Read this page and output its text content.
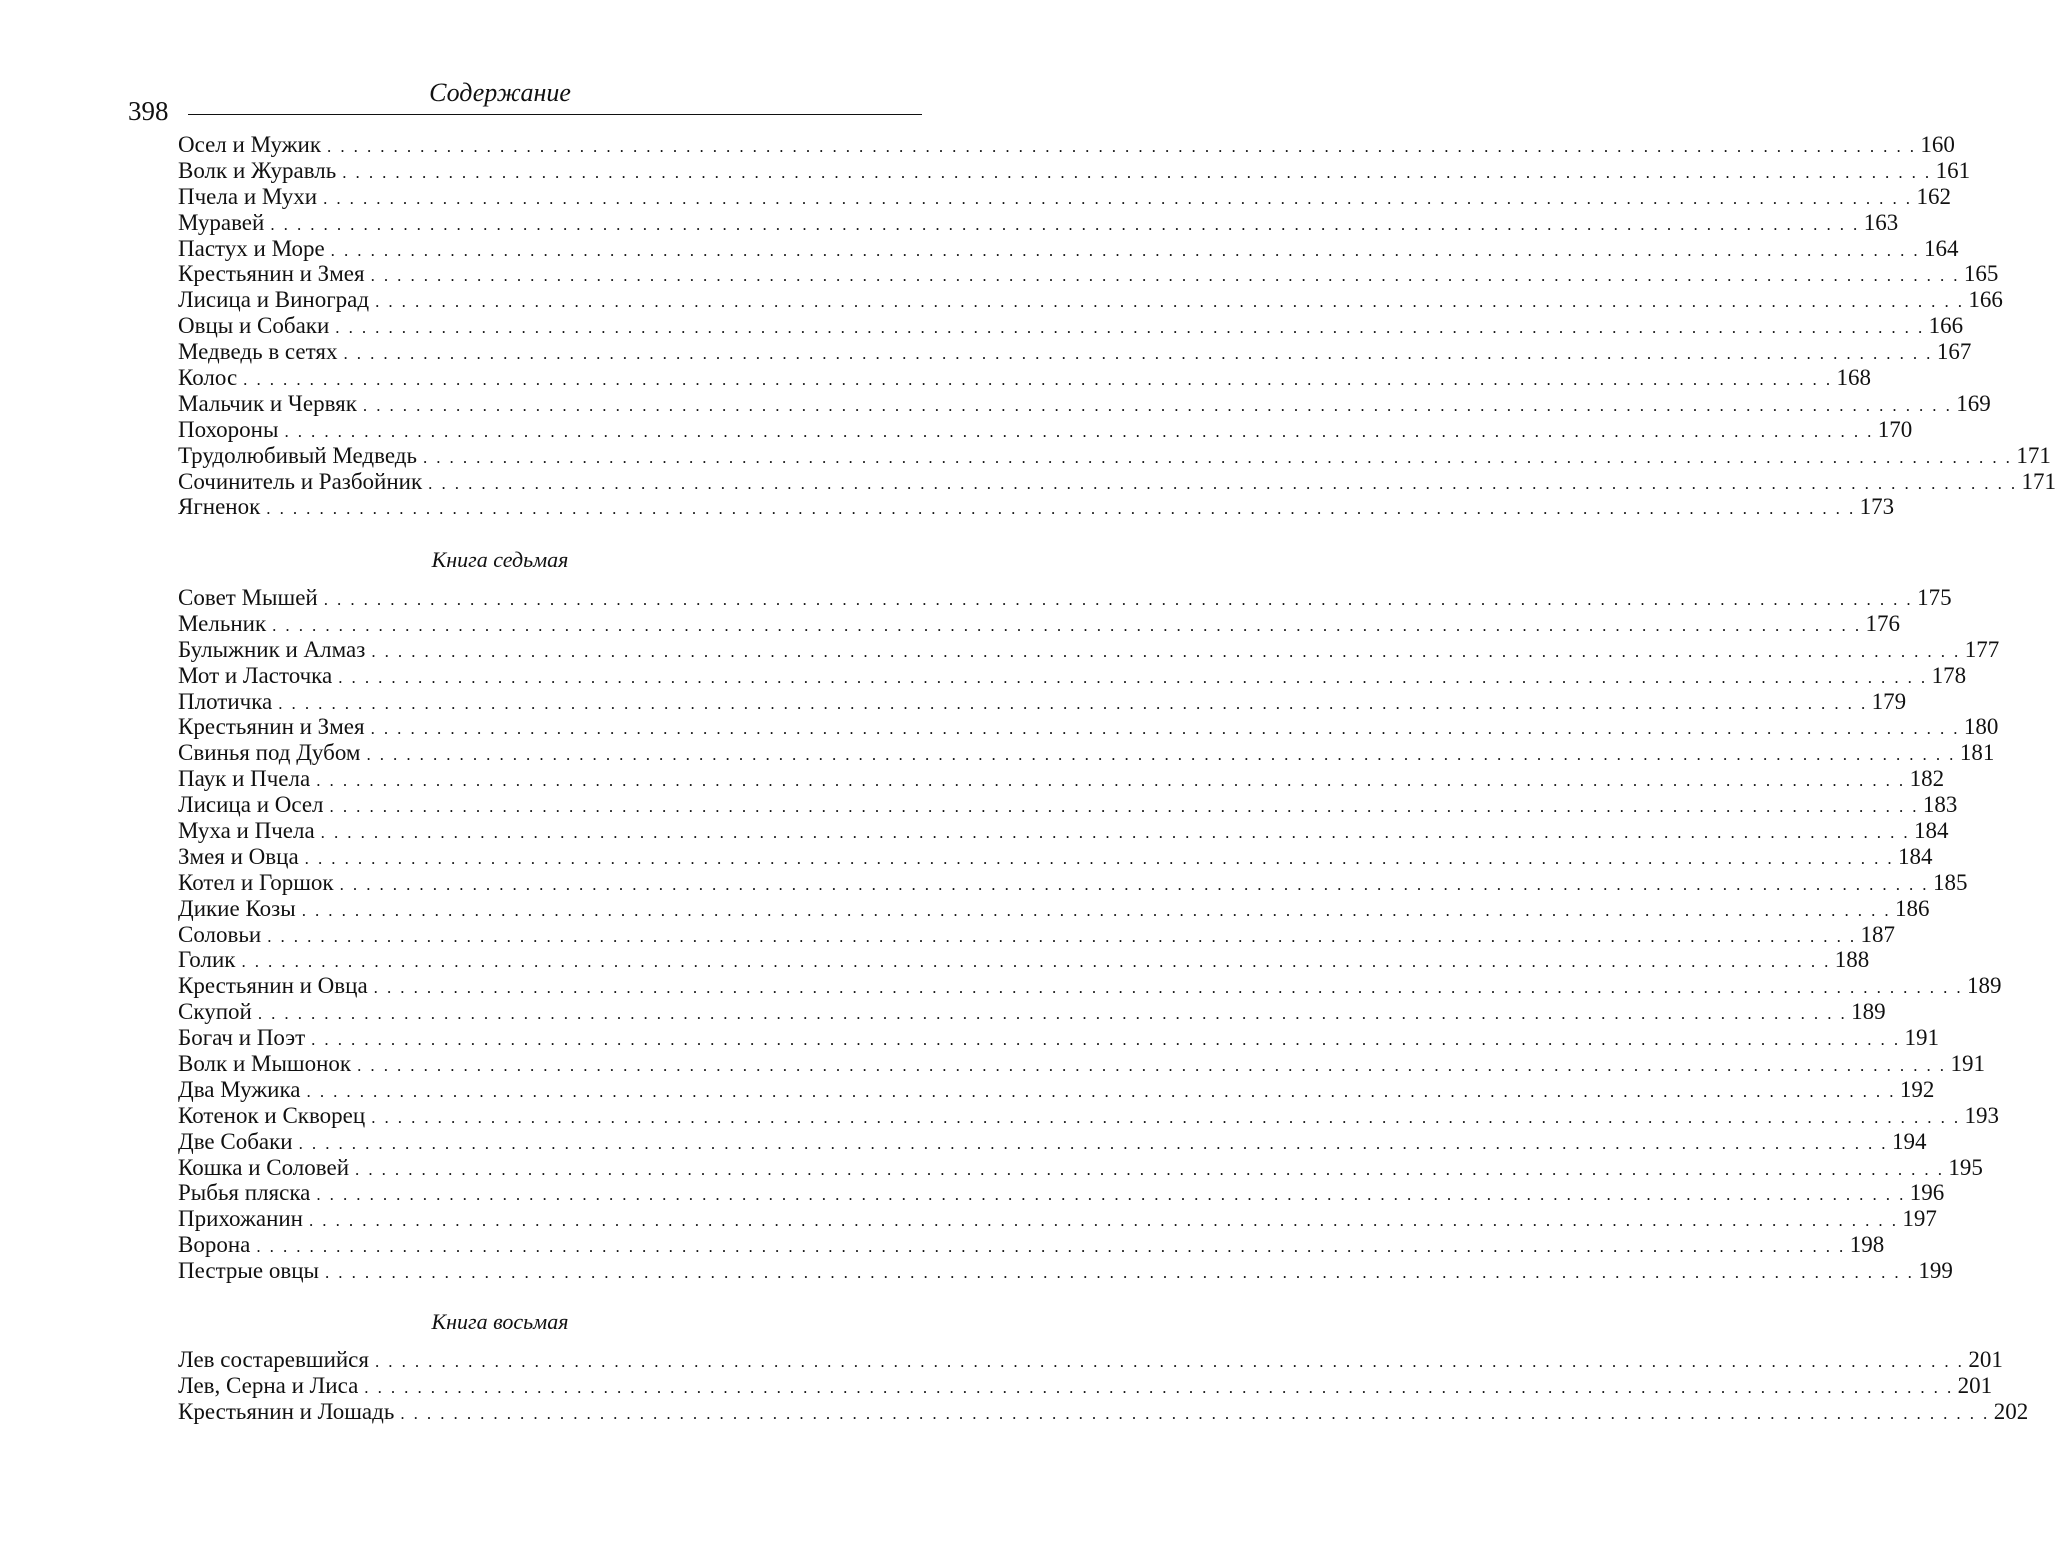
398
Содержание
Осел и Мужик . . . . . . . . . . . . . . . . . . . . . . . . . . . . . . . . . . . . . . . . . . . . . . . . . . . . . . . . . . . . . . . . . . . . . . . . . . . . . . . . . . . . . . . . . . . . . . . . . . . . . . . . . . . . . . . . . . . . . . . . 160
Волк и Журавль . . . . . . . . . . . . . . . . . . . . . . . . . . . . . . . . . . . . . . . . . . . . . . . . . . . . . . . . . . . . . . . . . . . . . . . . . . . . . . . . . . . . . . . . . . . . . . . . . . . . . . . . . . . . . . . . . . . . . . . . 161
Пчела и Мухи . . . . . . . . . . . . . . . . . . . . . . . . . . . . . . . . . . . . . . . . . . . . . . . . . . . . . . . . . . . . . . . . . . . . . . . . . . . . . . . . . . . . . . . . . . . . . . . . . . . . . . . . . . . . . . . . . . . . . . . . 162
Муравей . . . . . . . . . . . . . . . . . . . . . . . . . . . . . . . . . . . . . . . . . . . . . . . . . . . . . . . . . . . . . . . . . . . . . . . . . . . . . . . . . . . . . . . . . . . . . . . . . . . . . . . . . . . . . . . . . . . . . . . . 163
Пастух и Море . . . . . . . . . . . . . . . . . . . . . . . . . . . . . . . . . . . . . . . . . . . . . . . . . . . . . . . . . . . . . . . . . . . . . . . . . . . . . . . . . . . . . . . . . . . . . . . . . . . . . . . . . . . . . . . . . . . . . . . . 164
Крестьянин и Змея . . . . . . . . . . . . . . . . . . . . . . . . . . . . . . . . . . . . . . . . . . . . . . . . . . . . . . . . . . . . . . . . . . . . . . . . . . . . . . . . . . . . . . . . . . . . . . . . . . . . . . . . . . . . . . . . . . . . . . . . 165
Лисица и Виноград . . . . . . . . . . . . . . . . . . . . . . . . . . . . . . . . . . . . . . . . . . . . . . . . . . . . . . . . . . . . . . . . . . . . . . . . . . . . . . . . . . . . . . . . . . . . . . . . . . . . . . . . . . . . . . . . . . . . . . . . 166
Овцы и Собаки . . . . . . . . . . . . . . . . . . . . . . . . . . . . . . . . . . . . . . . . . . . . . . . . . . . . . . . . . . . . . . . . . . . . . . . . . . . . . . . . . . . . . . . . . . . . . . . . . . . . . . . . . . . . . . . . . . . . . . . . 166
Медведь в сетях . . . . . . . . . . . . . . . . . . . . . . . . . . . . . . . . . . . . . . . . . . . . . . . . . . . . . . . . . . . . . . . . . . . . . . . . . . . . . . . . . . . . . . . . . . . . . . . . . . . . . . . . . . . . . . . . . . . . . . . . 167
Колос . . . . . . . . . . . . . . . . . . . . . . . . . . . . . . . . . . . . . . . . . . . . . . . . . . . . . . . . . . . . . . . . . . . . . . . . . . . . . . . . . . . . . . . . . . . . . . . . . . . . . . . . . . . . . . . . . . . . . . . . 168
Мальчик и Червяк . . . . . . . . . . . . . . . . . . . . . . . . . . . . . . . . . . . . . . . . . . . . . . . . . . . . . . . . . . . . . . . . . . . . . . . . . . . . . . . . . . . . . . . . . . . . . . . . . . . . . . . . . . . . . . . . . . . . . . . . 169
Похороны . . . . . . . . . . . . . . . . . . . . . . . . . . . . . . . . . . . . . . . . . . . . . . . . . . . . . . . . . . . . . . . . . . . . . . . . . . . . . . . . . . . . . . . . . . . . . . . . . . . . . . . . . . . . . . . . . . . . . . . . 170
Трудолюбивый Медведь . . . . . . . . . . . . . . . . . . . . . . . . . . . . . . . . . . . . . . . . . . . . . . . . . . . . . . . . . . . . . . . . . . . . . . . . . . . . . . . . . . . . . . . . . . . . . . . . . . . . . . . . . . . . . . . . . . . . . . . . 171
Сочинитель и Разбойник . . . . . . . . . . . . . . . . . . . . . . . . . . . . . . . . . . . . . . . . . . . . . . . . . . . . . . . . . . . . . . . . . . . . . . . . . . . . . . . . . . . . . . . . . . . . . . . . . . . . . . . . . . . . . . . . . . . . . . . . 171
Ягненок . . . . . . . . . . . . . . . . . . . . . . . . . . . . . . . . . . . . . . . . . . . . . . . . . . . . . . . . . . . . . . . . . . . . . . . . . . . . . . . . . . . . . . . . . . . . . . . . . . . . . . . . . . . . . . . . . . . . . . . . 173
Книга седьмая
Совет Мышей . . . . . . . . . . . . . . . . . . . . . . . . . . . . . . . . . . . . . . . . . . . . . . . . . . . . . . . . . . . . . . . . . . . . . . . . . . . . . . . . . . . . . . . . . . . . . . . . . . . . . . . . . . . . . . . . . . . . . . . . 175
Мельник . . . . . . . . . . . . . . . . . . . . . . . . . . . . . . . . . . . . . . . . . . . . . . . . . . . . . . . . . . . . . . . . . . . . . . . . . . . . . . . . . . . . . . . . . . . . . . . . . . . . . . . . . . . . . . . . . . . . . . . . 176
Булыжник и Алмаз . . . . . . . . . . . . . . . . . . . . . . . . . . . . . . . . . . . . . . . . . . . . . . . . . . . . . . . . . . . . . . . . . . . . . . . . . . . . . . . . . . . . . . . . . . . . . . . . . . . . . . . . . . . . . . . . . . . . . . . . 177
Мот и Ласточка . . . . . . . . . . . . . . . . . . . . . . . . . . . . . . . . . . . . . . . . . . . . . . . . . . . . . . . . . . . . . . . . . . . . . . . . . . . . . . . . . . . . . . . . . . . . . . . . . . . . . . . . . . . . . . . . . . . . . . . . 178
Плотичка . . . . . . . . . . . . . . . . . . . . . . . . . . . . . . . . . . . . . . . . . . . . . . . . . . . . . . . . . . . . . . . . . . . . . . . . . . . . . . . . . . . . . . . . . . . . . . . . . . . . . . . . . . . . . . . . . . . . . . . . 179
Крестьянин и Змея . . . . . . . . . . . . . . . . . . . . . . . . . . . . . . . . . . . . . . . . . . . . . . . . . . . . . . . . . . . . . . . . . . . . . . . . . . . . . . . . . . . . . . . . . . . . . . . . . . . . . . . . . . . . . . . . . . . . . . . . 180
Свинья под Дубом . . . . . . . . . . . . . . . . . . . . . . . . . . . . . . . . . . . . . . . . . . . . . . . . . . . . . . . . . . . . . . . . . . . . . . . . . . . . . . . . . . . . . . . . . . . . . . . . . . . . . . . . . . . . . . . . . . . . . . . . 181
Паук и Пчела . . . . . . . . . . . . . . . . . . . . . . . . . . . . . . . . . . . . . . . . . . . . . . . . . . . . . . . . . . . . . . . . . . . . . . . . . . . . . . . . . . . . . . . . . . . . . . . . . . . . . . . . . . . . . . . . . . . . . . . . 182
Лисица и Осел . . . . . . . . . . . . . . . . . . . . . . . . . . . . . . . . . . . . . . . . . . . . . . . . . . . . . . . . . . . . . . . . . . . . . . . . . . . . . . . . . . . . . . . . . . . . . . . . . . . . . . . . . . . . . . . . . . . . . . . . 183
Муха и Пчела . . . . . . . . . . . . . . . . . . . . . . . . . . . . . . . . . . . . . . . . . . . . . . . . . . . . . . . . . . . . . . . . . . . . . . . . . . . . . . . . . . . . . . . . . . . . . . . . . . . . . . . . . . . . . . . . . . . . . . . . 184
Змея и Овца . . . . . . . . . . . . . . . . . . . . . . . . . . . . . . . . . . . . . . . . . . . . . . . . . . . . . . . . . . . . . . . . . . . . . . . . . . . . . . . . . . . . . . . . . . . . . . . . . . . . . . . . . . . . . . . . . . . . . . . . 184
Котел и Горшок . . . . . . . . . . . . . . . . . . . . . . . . . . . . . . . . . . . . . . . . . . . . . . . . . . . . . . . . . . . . . . . . . . . . . . . . . . . . . . . . . . . . . . . . . . . . . . . . . . . . . . . . . . . . . . . . . . . . . . . . 185
Дикие Козы . . . . . . . . . . . . . . . . . . . . . . . . . . . . . . . . . . . . . . . . . . . . . . . . . . . . . . . . . . . . . . . . . . . . . . . . . . . . . . . . . . . . . . . . . . . . . . . . . . . . . . . . . . . . . . . . . . . . . . . . 186
Соловьи . . . . . . . . . . . . . . . . . . . . . . . . . . . . . . . . . . . . . . . . . . . . . . . . . . . . . . . . . . . . . . . . . . . . . . . . . . . . . . . . . . . . . . . . . . . . . . . . . . . . . . . . . . . . . . . . . . . . . . . . 187
Голик . . . . . . . . . . . . . . . . . . . . . . . . . . . . . . . . . . . . . . . . . . . . . . . . . . . . . . . . . . . . . . . . . . . . . . . . . . . . . . . . . . . . . . . . . . . . . . . . . . . . . . . . . . . . . . . . . . . . . . . . 188
Крестьянин и Овца . . . . . . . . . . . . . . . . . . . . . . . . . . . . . . . . . . . . . . . . . . . . . . . . . . . . . . . . . . . . . . . . . . . . . . . . . . . . . . . . . . . . . . . . . . . . . . . . . . . . . . . . . . . . . . . . . . . . . . . . 189
Скупой . . . . . . . . . . . . . . . . . . . . . . . . . . . . . . . . . . . . . . . . . . . . . . . . . . . . . . . . . . . . . . . . . . . . . . . . . . . . . . . . . . . . . . . . . . . . . . . . . . . . . . . . . . . . . . . . . . . . . . . . 189
Богач и Поэт . . . . . . . . . . . . . . . . . . . . . . . . . . . . . . . . . . . . . . . . . . . . . . . . . . . . . . . . . . . . . . . . . . . . . . . . . . . . . . . . . . . . . . . . . . . . . . . . . . . . . . . . . . . . . . . . . . . . . . . . 191
Волк и Мышонок . . . . . . . . . . . . . . . . . . . . . . . . . . . . . . . . . . . . . . . . . . . . . . . . . . . . . . . . . . . . . . . . . . . . . . . . . . . . . . . . . . . . . . . . . . . . . . . . . . . . . . . . . . . . . . . . . . . . . . . . 191
Два Мужика . . . . . . . . . . . . . . . . . . . . . . . . . . . . . . . . . . . . . . . . . . . . . . . . . . . . . . . . . . . . . . . . . . . . . . . . . . . . . . . . . . . . . . . . . . . . . . . . . . . . . . . . . . . . . . . . . . . . . . . . 192
Котенок и Скворец . . . . . . . . . . . . . . . . . . . . . . . . . . . . . . . . . . . . . . . . . . . . . . . . . . . . . . . . . . . . . . . . . . . . . . . . . . . . . . . . . . . . . . . . . . . . . . . . . . . . . . . . . . . . . . . . . . . . . . . . 193
Две Собаки . . . . . . . . . . . . . . . . . . . . . . . . . . . . . . . . . . . . . . . . . . . . . . . . . . . . . . . . . . . . . . . . . . . . . . . . . . . . . . . . . . . . . . . . . . . . . . . . . . . . . . . . . . . . . . . . . . . . . . . . 194
Кошка и Соловей . . . . . . . . . . . . . . . . . . . . . . . . . . . . . . . . . . . . . . . . . . . . . . . . . . . . . . . . . . . . . . . . . . . . . . . . . . . . . . . . . . . . . . . . . . . . . . . . . . . . . . . . . . . . . . . . . . . . . . . . 195
Рыбья пляска . . . . . . . . . . . . . . . . . . . . . . . . . . . . . . . . . . . . . . . . . . . . . . . . . . . . . . . . . . . . . . . . . . . . . . . . . . . . . . . . . . . . . . . . . . . . . . . . . . . . . . . . . . . . . . . . . . . . . . . . 196
Прихожанин . . . . . . . . . . . . . . . . . . . . . . . . . . . . . . . . . . . . . . . . . . . . . . . . . . . . . . . . . . . . . . . . . . . . . . . . . . . . . . . . . . . . . . . . . . . . . . . . . . . . . . . . . . . . . . . . . . . . . . . . 197
Ворона . . . . . . . . . . . . . . . . . . . . . . . . . . . . . . . . . . . . . . . . . . . . . . . . . . . . . . . . . . . . . . . . . . . . . . . . . . . . . . . . . . . . . . . . . . . . . . . . . . . . . . . . . . . . . . . . . . . . . . . . 198
Пестрые овцы . . . . . . . . . . . . . . . . . . . . . . . . . . . . . . . . . . . . . . . . . . . . . . . . . . . . . . . . . . . . . . . . . . . . . . . . . . . . . . . . . . . . . . . . . . . . . . . . . . . . . . . . . . . . . . . . . . . . . . . . 199
Книга восьмая
Лев состаревшийся . . . . . . . . . . . . . . . . . . . . . . . . . . . . . . . . . . . . . . . . . . . . . . . . . . . . . . . . . . . . . . . . . . . . . . . . . . . . . . . . . . . . . . . . . . . . . . . . . . . . . . . . . . . . . . . . . . . . . . . . 201
Лев, Серна и Лиса . . . . . . . . . . . . . . . . . . . . . . . . . . . . . . . . . . . . . . . . . . . . . . . . . . . . . . . . . . . . . . . . . . . . . . . . . . . . . . . . . . . . . . . . . . . . . . . . . . . . . . . . . . . . . . . . . . . . . . . . 201
Крестьянин и Лошадь . . . . . . . . . . . . . . . . . . . . . . . . . . . . . . . . . . . . . . . . . . . . . . . . . . . . . . . . . . . . . . . . . . . . . . . . . . . . . . . . . . . . . . . . . . . . . . . . . . . . . . . . . . . . . . . . . . . . . . . . 202
